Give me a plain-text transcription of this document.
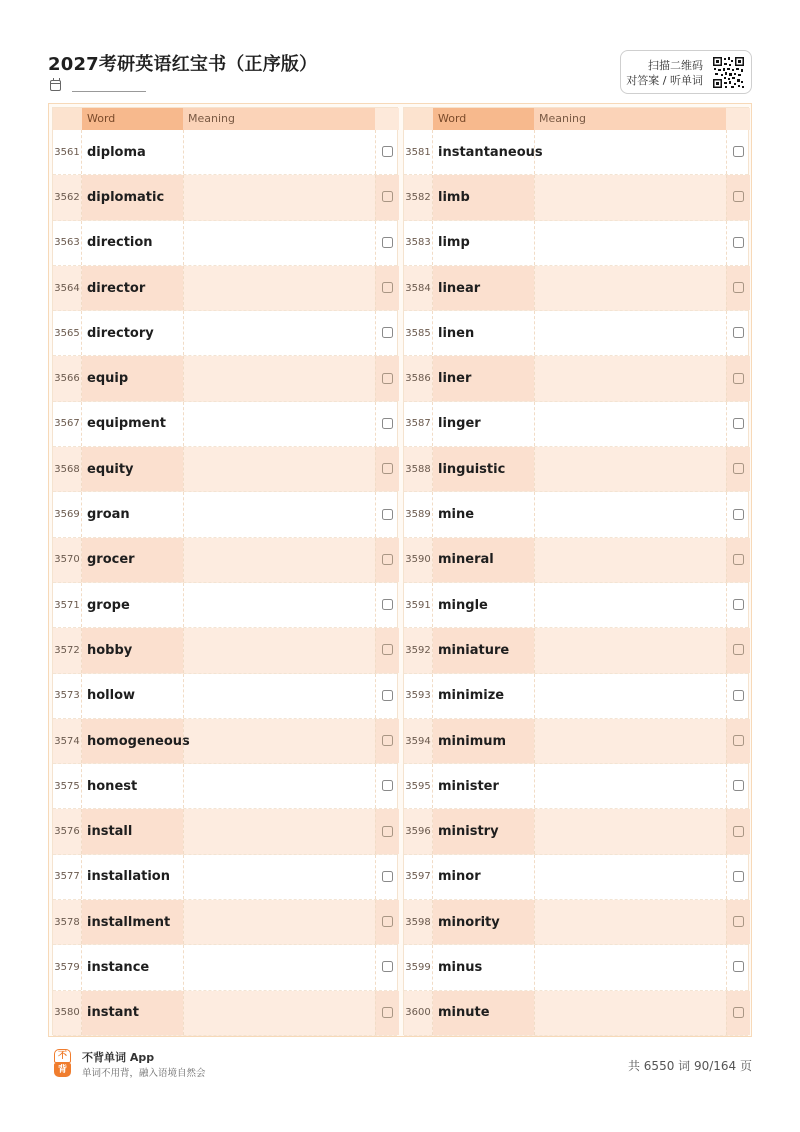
2027考研英语红宝书（正序版）	扫描二维码
对答案 / 听单词
Word	Meaning
3561 diploma
3562 diplomatic
3563 direction
3564 director
3565 directory
3566 equip
3567 equipment
3568 equity
3569 groan
3570 grocer
3571 grope
3572 hobby
3573 hollow
3574 homogeneous
3575 honest
3576 install
3577 installation
3578 installment
3579 instance
3580 instant
Word	Meaning
3581 instantaneous
3582 limb
3583 limp
3584 linear
3585 linen
3586 liner
3587 linger
3588 linguistic
3589 mine
3590 mineral
3591 mingle
3592 miniature
3593 minimize
3594 minimum
3595 minister
3596 ministry
3597 minor
3598 minority
3599 minus
3600 minute
不
背
不背单词 App
单词不用背，融入语境自然会
共 6550 词 90/164 页
